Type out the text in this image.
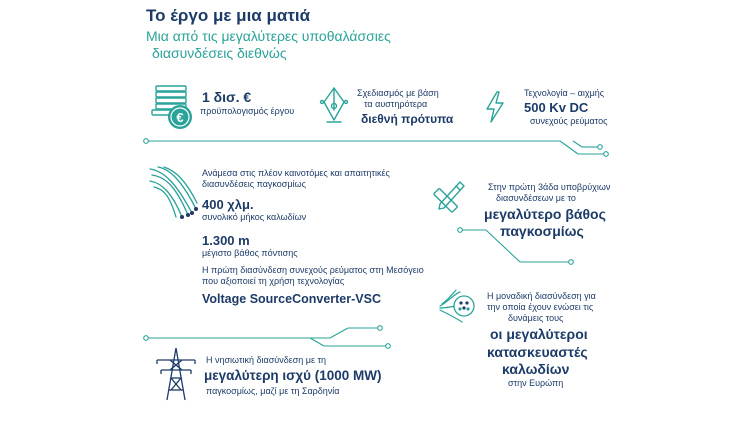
Το έργο με μια ματιά
Μια από τις μεγαλύτερες υποθαλάσσιες
διασυνδέσεις διεθνώς
€
1 δισ. €
προϋπολογισμός έργου
Σχεδιασμός με βάση
τα αυστηρότερα
διεθνή πρότυπα
Τεχνολογία – αιχμής
500 Kv DC
συνεχούς ρεύματος
Ανάμεσα στις πλέον καινοτόμες και απαιτητικές
διασυνδέσεις παγκοσμίως
400 χλμ.
συνολικό μήκος καλωδίων
1.300 m
μέγιστο βάθος πόντισης
Η πρώτη διασύνδεση συνεχούς ρεύματος στη Μεσόγειο
που αξιοποιεί τη χρήση τεχνολογίας
Voltage SourceConverter-VSC
Στην πρώτη 3άδα υποβρύχιων
διασυνδέσεων με το
μεγαλύτερο βάθος
παγκοσμίως
Η μοναδική διασύνδεση για
την οποία έχουν ενώσει τις
δυνάμεις τους
οι μεγαλύτεροι
κατασκευαστές
καλωδίων
στην Ευρώπη
Η νησιωτική διασύνδεση με τη
μεγαλύτερη ισχύ (1000 MW)
παγκοσμίως, μαζί με τη Σαρδηνία
